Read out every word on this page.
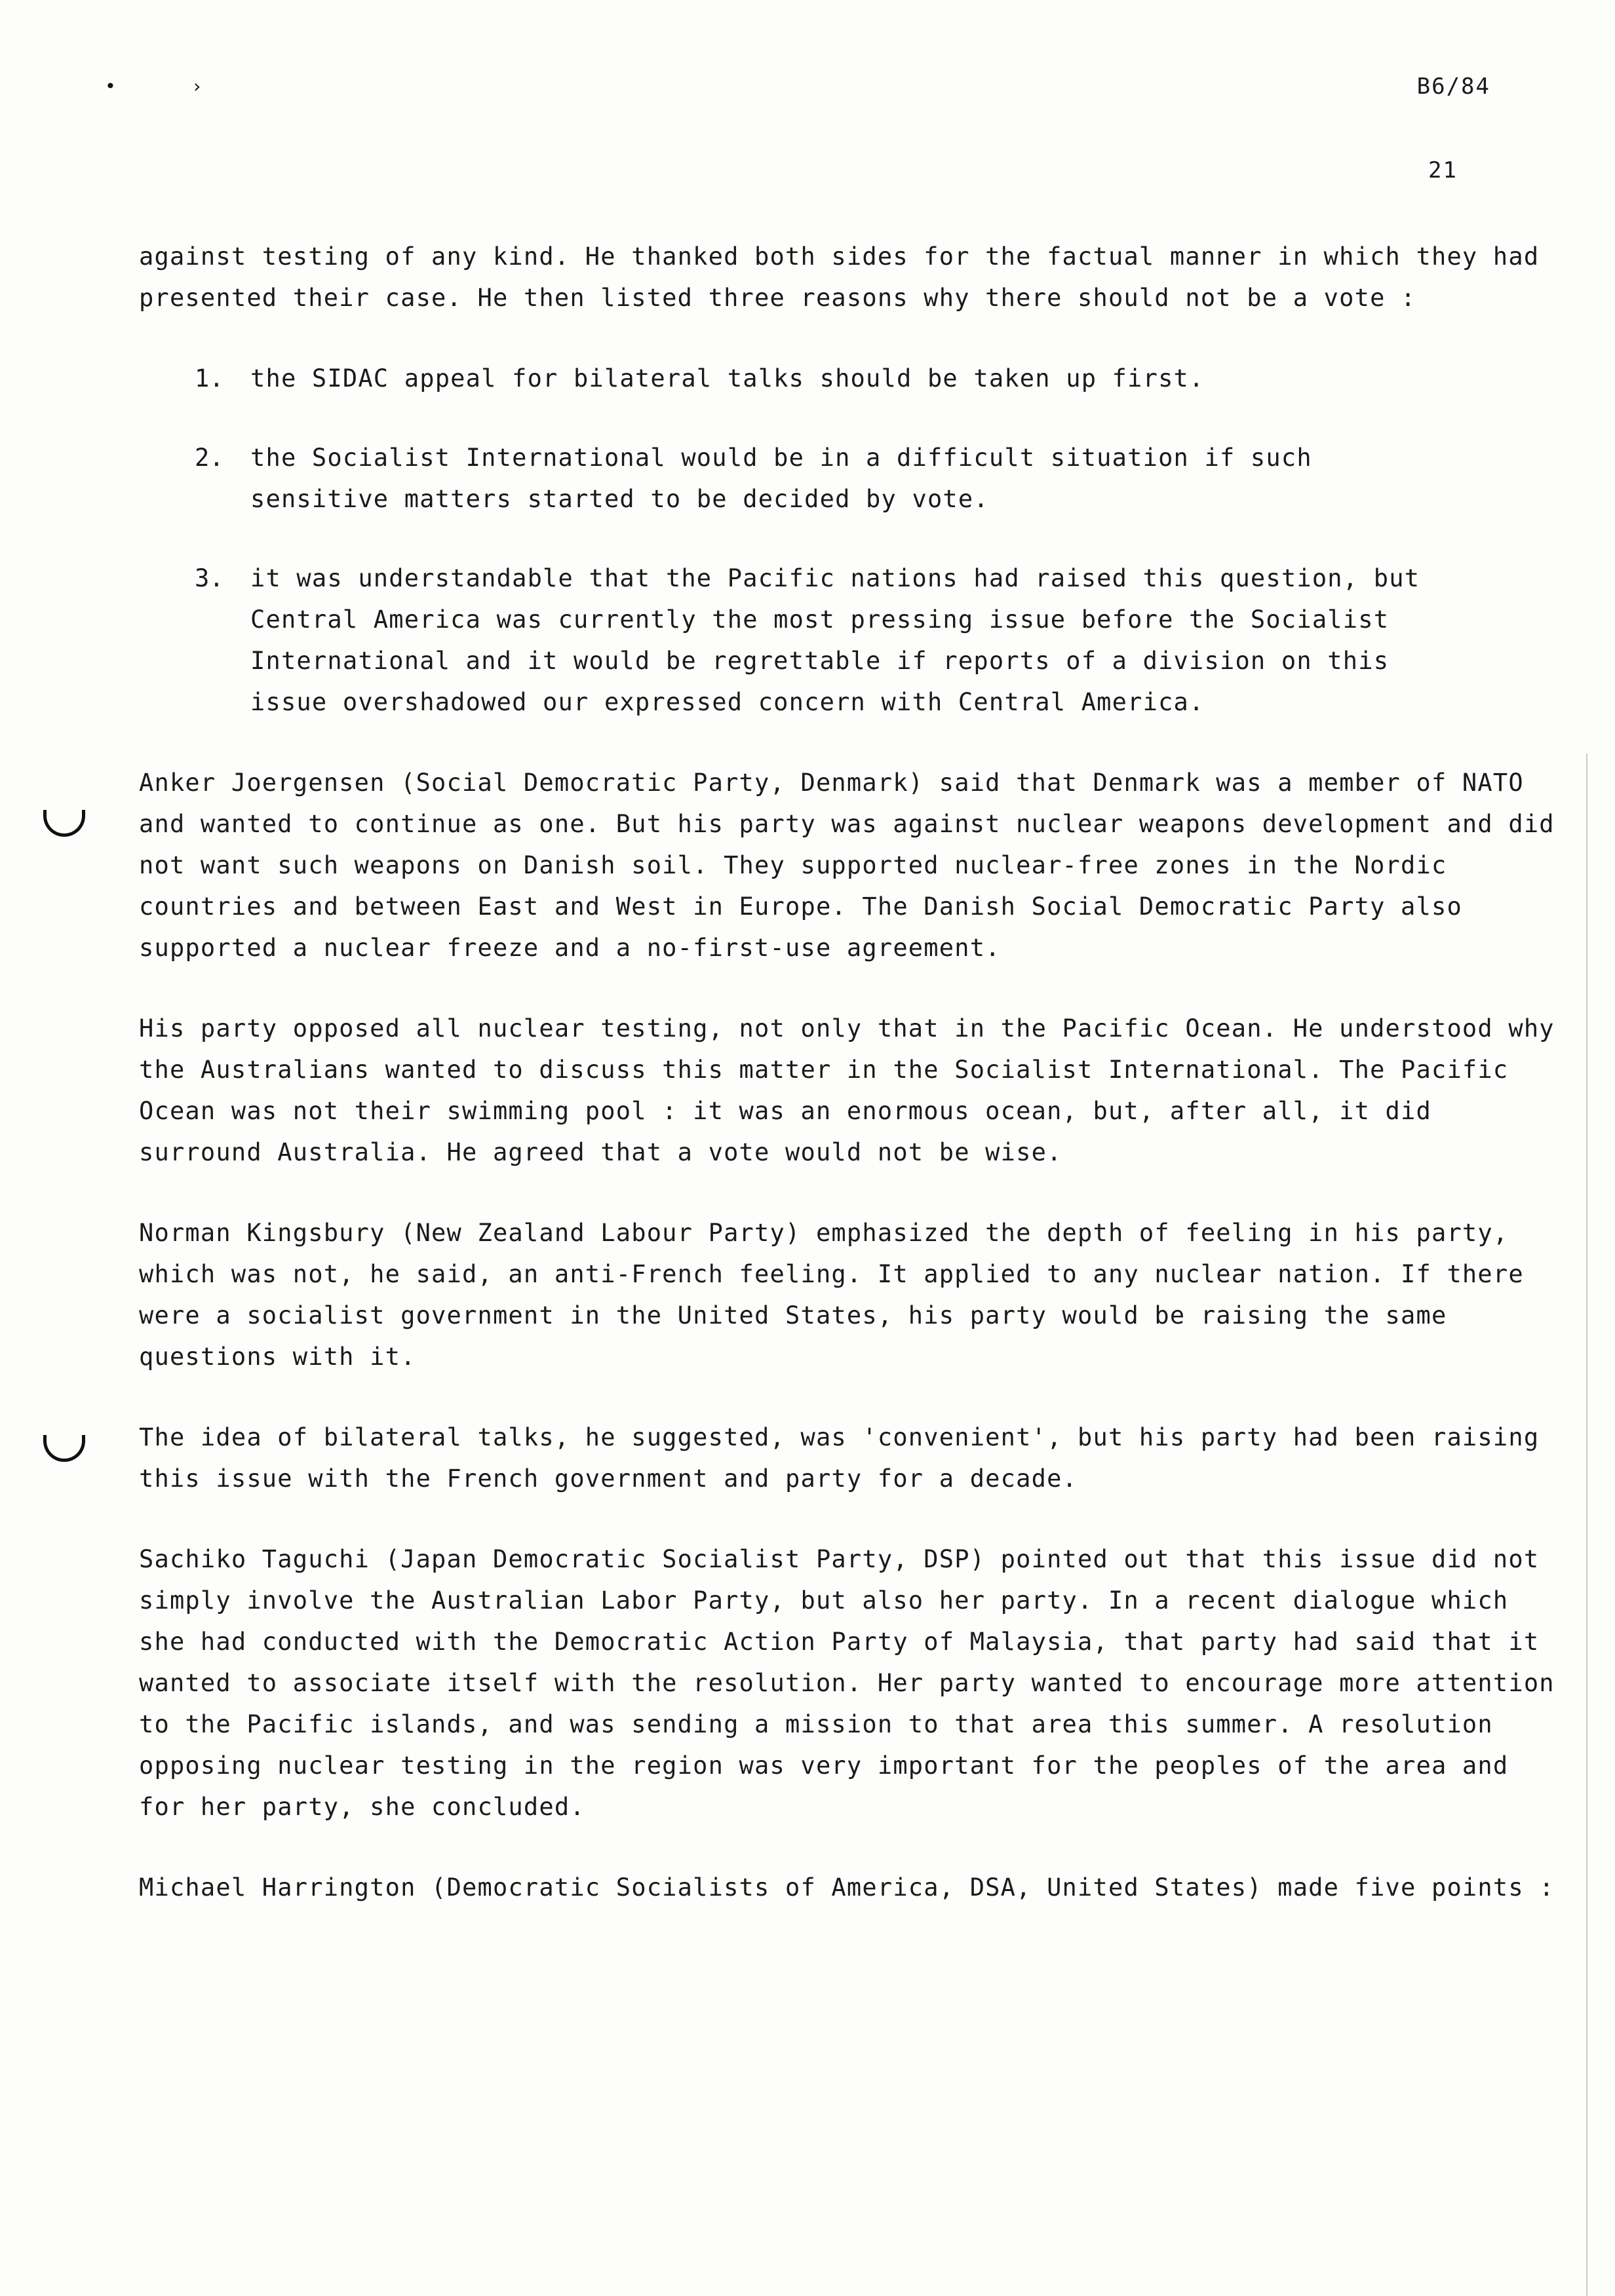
•	›	B6/84
21

against testing of any kind. He thanked both sides for the factual manner in which they had presented their case. He then listed three reasons why there should not be a vote :

1.	the SIDAC appeal for bilateral talks should be taken up first.

2.	the Socialist International would be in a difficult situation if such sensitive matters started to be decided by vote.

3.	it was understandable that the Pacific nations had raised this question, but Central America was currently the most pressing issue before the Socialist International and it would be regrettable if reports of a division on this issue overshadowed our expressed concern with Central America.

Anker Joergensen (Social Democratic Party, Denmark) said that Denmark was a member of NATO and wanted to continue as one. But his party was against nuclear weapons development and did not want such weapons on Danish soil. They supported nuclear-free zones in the Nordic countries and between East and West in Europe. The Danish Social Democratic Party also supported a nuclear freeze and a no-first-use agreement.

His party opposed all nuclear testing, not only that in the Pacific Ocean. He understood why the Australians wanted to discuss this matter in the Socialist International. The Pacific Ocean was not their swimming pool : it was an enormous ocean, but, after all, it did surround Australia. He agreed that a vote would not be wise.

Norman Kingsbury (New Zealand Labour Party) emphasized the depth of feeling in his party, which was not, he said, an anti-French feeling. It applied to any nuclear nation. If there were a socialist government in the United States, his party would be raising the same questions with it.

The idea of bilateral talks, he suggested, was 'convenient', but his party had been raising this issue with the French government and party for a decade.

Sachiko Taguchi (Japan Democratic Socialist Party, DSP) pointed out that this issue did not simply involve the Australian Labor Party, but also her party. In a recent dialogue which she had conducted with the Democratic Action Party of Malaysia, that party had said that it wanted to associate itself with the resolution. Her party wanted to encourage more attention to the Pacific islands, and was sending a mission to that area this summer. A resolution opposing nuclear testing in the region was very important for the peoples of the area and for her party, she concluded.

Michael Harrington (Democratic Socialists of America, DSA, United States) made five points :
